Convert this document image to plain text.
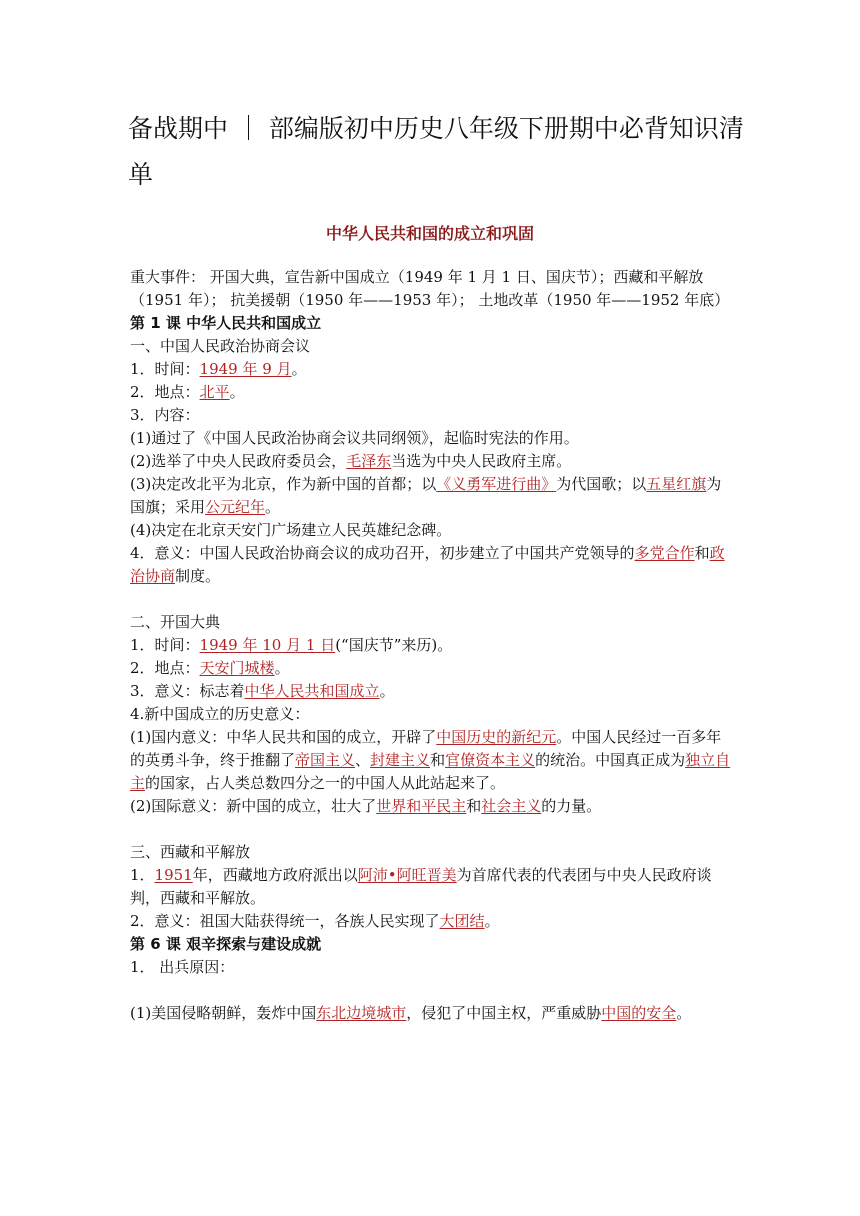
备战期中 ｜ 部编版初中历史八年级下册期中必背知识清单
中华人民共和国的成立和巩固

重大事件： 开国大典，宣告新中国成立（1949 年 1 月 1 日、国庆节）；西藏和平解放（1951 年）； 抗美援朝（1950 年——1953 年）； 土地改革（1950 年——1952 年底）

第 1 课 中华人民共和国成立

一、中国人民政治协商会议

1．时间：1949 年 9 月。

2．地点：北平。

3．内容：

(1)通过了《中国人民政治协商会议共同纲领》，起临时宪法的作用。

(2)选举了中央人民政府委员会，毛泽东当选为中央人民政府主席。

(3)决定改北平为北京，作为新中国的首都；以《义勇军进行曲》为代国歌；以五星红旗为国旗；采用公元纪年。

(4)决定在北京天安门广场建立人民英雄纪念碑。

4．意义：中国人民政治协商会议的成功召开，初步建立了中国共产党领导的多党合作和政治协商制度。

二、开国大典

1．时间：1949 年 10 月 1 日(“国庆节”来历)。

2．地点：天安门城楼。

3．意义：标志着中华人民共和国成立。

4.新中国成立的历史意义：

(1)国内意义：中华人民共和国的成立，开辟了中国历史的新纪元。中国人民经过一百多年的英勇斗争，终于推翻了帝国主义、封建主义和官僚资本主义的统治。中国真正成为独立自主的国家，占人类总数四分之一的中国人从此站起来了。

(2)国际意义：新中国的成立，壮大了世界和平民主和社会主义的力量。

三、西藏和平解放

1．1951年，西藏地方政府派出以阿沛•阿旺晋美为首席代表的代表团与中央人民政府谈判，西藏和平解放。

2．意义：祖国大陆获得统一，各族人民实现了大团结。

第 6 课 艰辛探索与建设成就

1． 出兵原因：

(1)美国侵略朝鲜，轰炸中国东北边境城市，侵犯了中国主权，严重威胁中国的安全。
